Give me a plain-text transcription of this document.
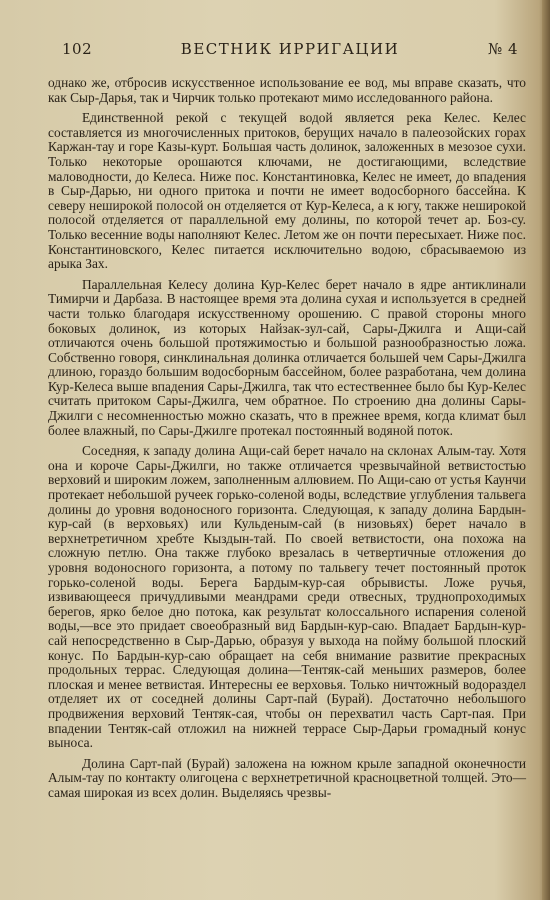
102	ВЕСТНИК ИРРИГАЦИИ	№ 4

однако же, отбросив искусственное использование ее вод, мы вправе сказать, что как Сыр-Дарья, так и Чирчик только протекают мимо исследованного района.

Единственной рекой с текущей водой является река Келес. Келес составляется из многочисленных притоков, берущих начало в палеозойских горах Каржан-тау и горе Казы-курт. Большая часть долинок, заложенных в мезозое сухи. Только некоторые орошаются ключами, не достигающими, вследствие маловодности, до Келеса. Ниже пос. Константиновка, Келес не имеет, до впадения в Сыр-Дарью, ни одного притока и почти не имеет водосборного бассейна. К северу неширокой полосой он отделяется от Кур-Келеса, а к югу, также неширокой полосой отделяется от параллельной ему долины, по которой течет ар. Боз-су. Только весенние воды наполняют Келес. Летом же он почти пересыхает. Ниже пос. Константиновского, Келес питается исключительно водою, сбрасываемою из арыка Зах.

Параллельная Келесу долина Кур-Келес берет начало в ядре антиклинали Тимирчи и Дарбаза. В настоящее время эта долина сухая и используется в средней части только благодаря искусственному орошению. С правой стороны много боковых долинок, из которых Найзак-зул-сай, Сары-Джилга и Ащи-сай отличаются очень большой протяжимостью и большой разнообразностью ложа. Собственно говоря, синклинальная долинка отличается большей чем Сары-Джилга длиною, гораздо большим водосборным бассейном, более разработана, чем долина Кур-Келеса выше впадения Сары-Джилга, так что естественнее было бы Кур-Келес считать притоком Сары-Джилга, чем обратное. По строению дна долины Сары-Джилги с несомненностью можно сказать, что в прежнее время, когда климат был более влажный, по Сары-Джилге протекал постоянный водяной поток.

Соседняя, к западу долина Ащи-сай берет начало на склонах Алым-тау. Хотя она и короче Сары-Джилги, но также отличается чрезвычайной ветвистостью верховий и широким ложем, заполненным аллювием. По Ащи-саю от устья Каунчи протекает небольшой ручеек горько-соленой воды, вследствие углубления тальвега долины до уровня водоносного горизонта. Следующая, к западу долина Бардын-кур-сай (в верховьях) или Кульденым-сай (в низовьях) берет начало в верхнетретичном хребте Кыздын-тай. По своей ветвистости, она похожа на сложную петлю. Она также глубоко врезалась в четвертичные отложения до уровня водоносного горизонта, а потому по тальвегу течет постоянный проток горько-соленой воды. Берега Бардым-кур-сая обрывисты. Ложе ручья, извивающееся причудливыми меандрами среди отвесных, труднопроходимых берегов, ярко белое дно потока, как результат колоссального испарения соленой воды,—все это придает своеобразный вид Бардын-кур-саю. Впадает Бардын-кур-сай непосредственно в Сыр-Дарью, образуя у выхода на пойму большой плоский конус. По Бардын-кур-саю обращает на себя внимание развитие прекрасных продольных террас. Следующая долина—Тентяк-сай меньших размеров, более плоская и менее ветвистая. Интересны ее верховья. Только ничтожный водораздел отделяет их от соседней долины Сарт-пай (Бурай). Достаточно небольшого продвижения верховий Тентяк-сая, чтобы он перехватил часть Сарт-пая. При впадении Тентяк-сай отложил на нижней террасе Сыр-Дарьи громадный конус выноса.

Долина Сарт-пай (Бурай) заложена на южном крыле западной оконечности Алым-тау по контакту олигоцена с верхнетретичной красноцветной толщей. Это—самая широкая из всех долин. Выделяясь чрезвы-
